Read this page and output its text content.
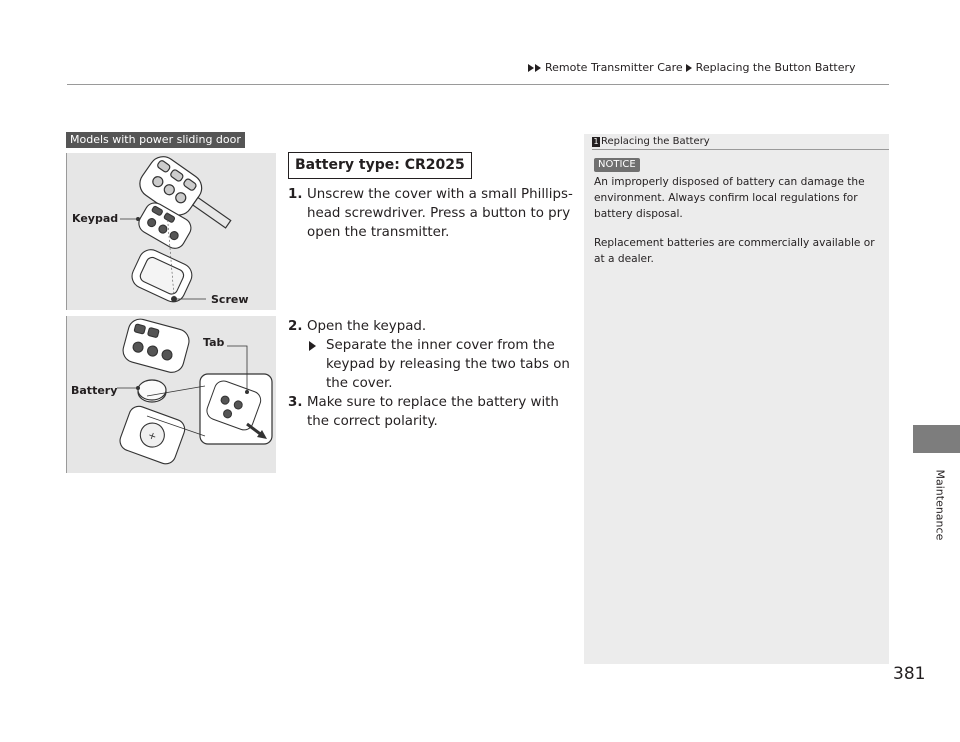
Remote Transmitter Care Replacing the Button Battery
Maintenance
381
Models with power sliding door
Keypad
Screw
+
Tab
Battery
Battery type: CR2025
1. Unscrew the cover with a small Phillips-head screwdriver. Press a button to pry open the transmitter.
2. Open the keypad.
Separate the inner cover from the keypad by releasing the two tabs on the cover.
3. Make sure to replace the battery with the correct polarity.
1 Replacing the Battery
NOTICE
An improperly disposed of battery can damage the environment. Always confirm local regulations for battery disposal.
Replacement batteries are commercially available or at a dealer.
